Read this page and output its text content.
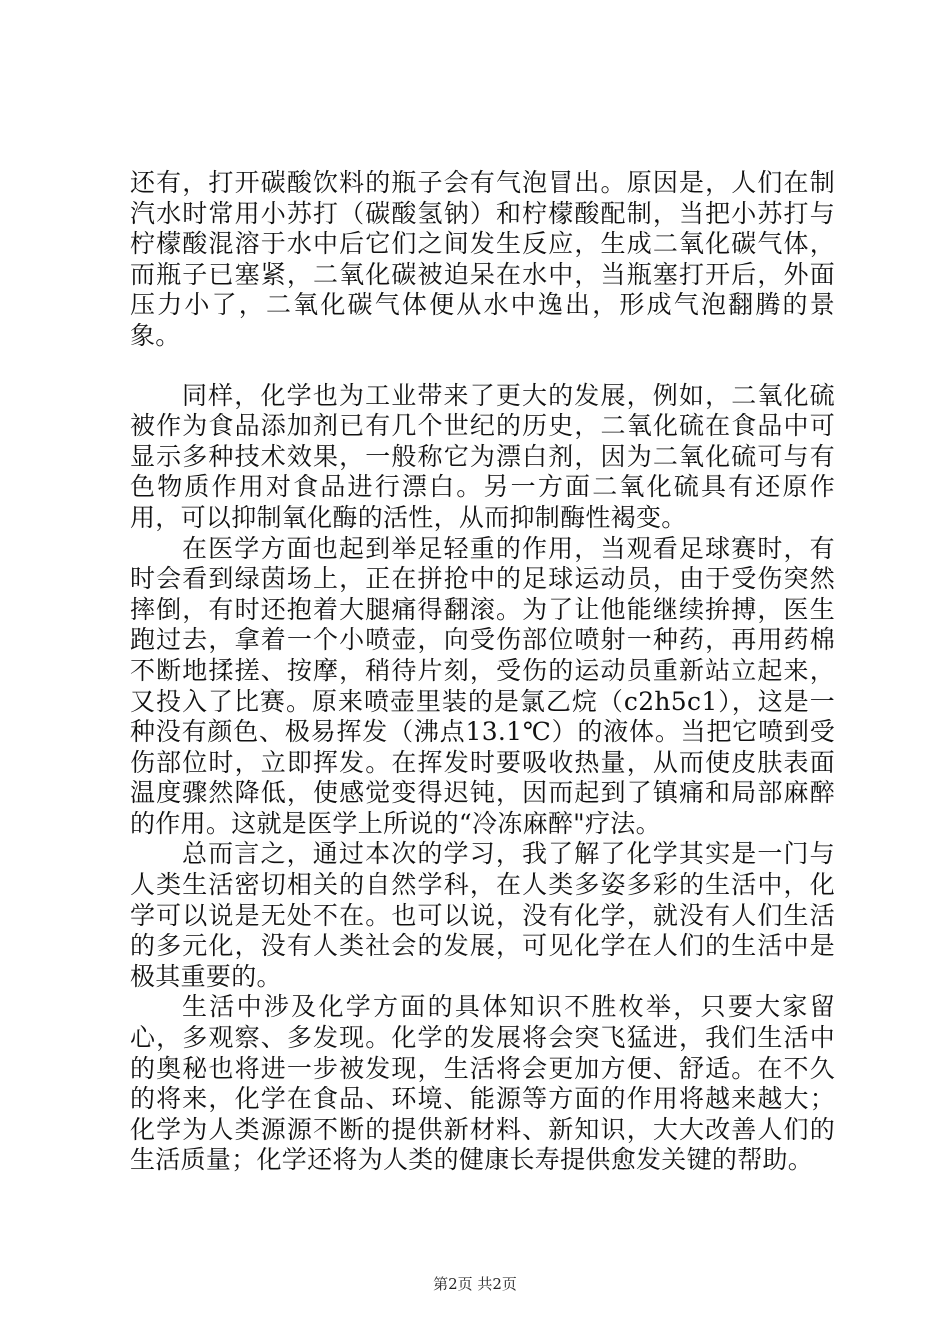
还有，打开碳酸饮料的瓶子会有气泡冒出。原因是，人们在制汽水时常用小苏打（碳酸氢钠）和柠檬酸配制，当把小苏打与柠檬酸混溶于水中后它们之间发生反应，生成二氧化碳气体，而瓶子已塞紧，二氧化碳被迫呆在水中，当瓶塞打开后，外面压力小了，二氧化碳气体便从水中逸出，形成气泡翻腾的景象。

同样，化学也为工业带来了更大的发展，例如，二氧化硫被作为食品添加剂已有几个世纪的历史，二氧化硫在食品中可显示多种技术效果，一般称它为漂白剂，因为二氧化硫可与有色物质作用对食品进行漂白。另一方面二氧化硫具有还原作用，可以抑制氧化酶的活性，从而抑制酶性褐变。

在医学方面也起到举足轻重的作用，当观看足球赛时，有时会看到绿茵场上，正在拼抢中的足球运动员，由于受伤突然摔倒，有时还抱着大腿痛得翻滚。为了让他能继续拚搏，医生跑过去，拿着一个小喷壶，向受伤部位喷射一种药，再用药棉不断地揉搓、按摩，稍待片刻，受伤的运动员重新站立起来，又投入了比赛。原来喷壶里装的是氯乙烷（c2h5c1），这是一种没有颜色、极易挥发（沸点13.1℃）的液体。当把它喷到受伤部位时，立即挥发。在挥发时要吸收热量，从而使皮肤表面温度骤然降低，使感觉变得迟钝，因而起到了镇痛和局部麻醉的作用。这就是医学上所说的“冷冻麻醉"疗法。

总而言之，通过本次的学习，我了解了化学其实是一门与人类生活密切相关的自然学科，在人类多姿多彩的生活中，化学可以说是无处不在。也可以说，没有化学，就没有人们生活的多元化，没有人类社会的发展，可见化学在人们的生活中是极其重要的。

生活中涉及化学方面的具体知识不胜枚举，只要大家留心，多观察、多发现。化学的发展将会突飞猛进，我们生活中的奥秘也将进一步被发现，生活将会更加方便、舒适。在不久的将来，化学在食品、环境、能源等方面的作用将越来越大；化学为人类源源不断的提供新材料、新知识，大大改善人们的生活质量；化学还将为人类的健康长寿提供愈发关键的帮助。

第2页 共2页
